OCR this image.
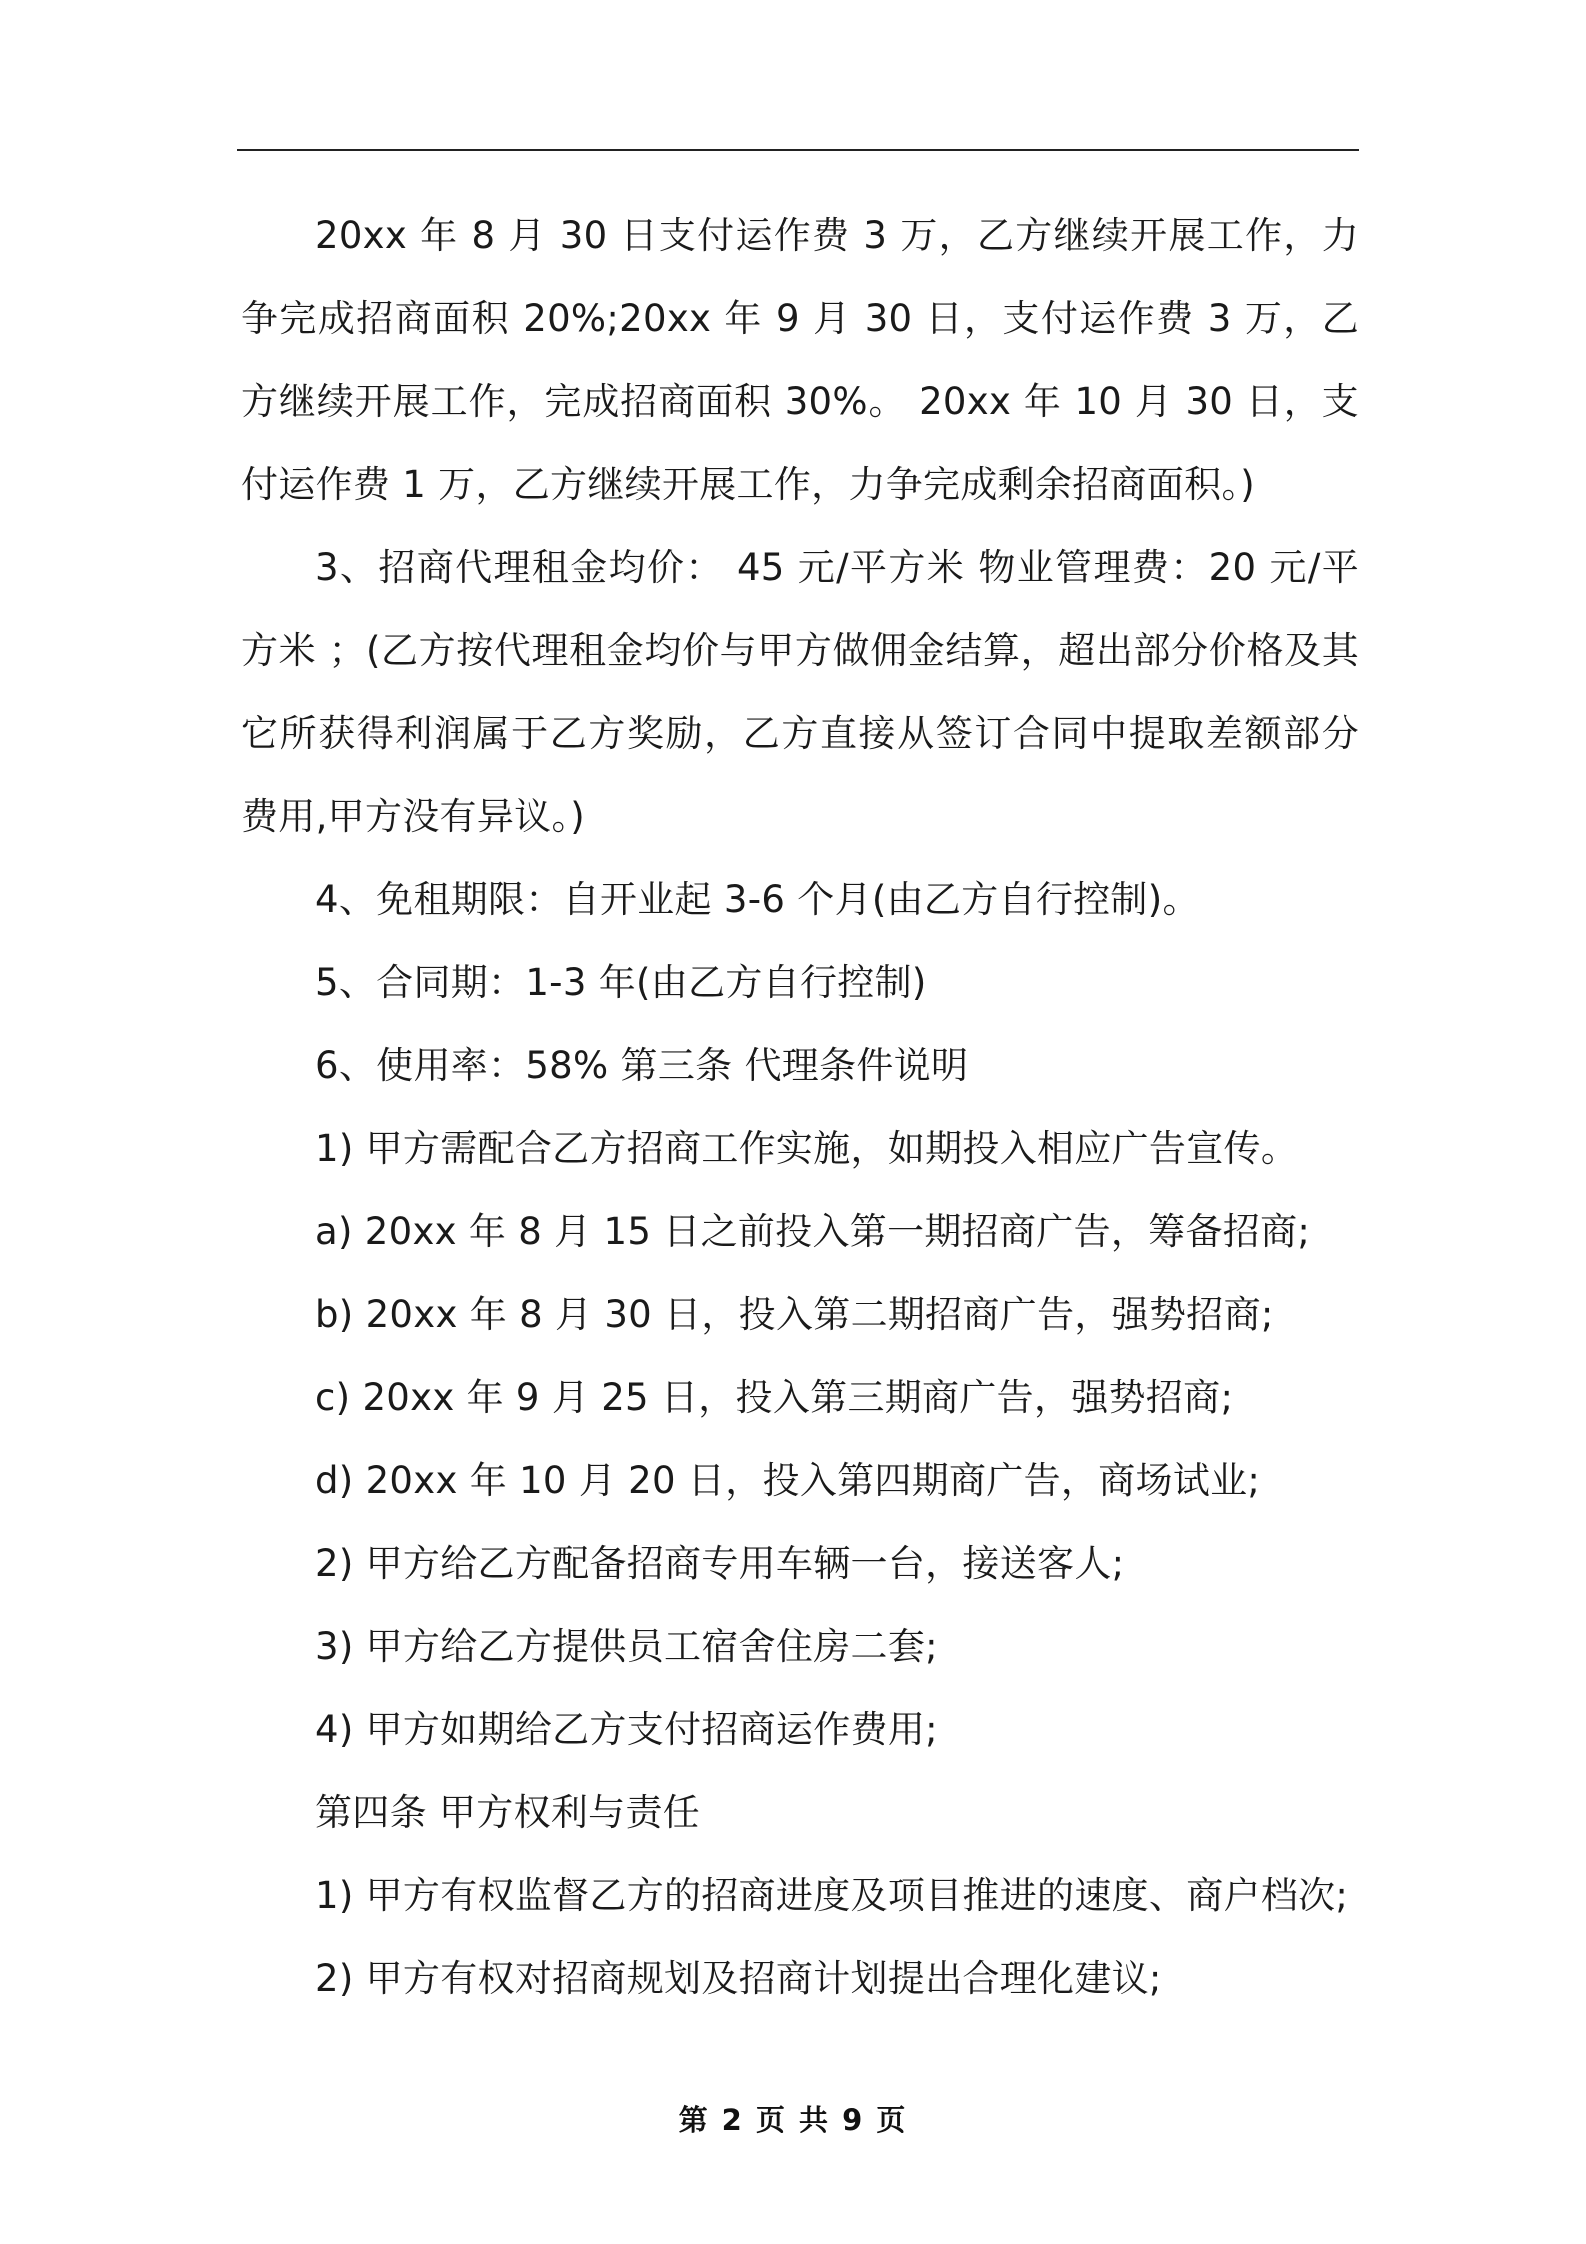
20xx 年 8 月 30 日支付运作费 3 万，乙方继续开展工作，力争完成招商面积 20%;20xx 年 9 月 30 日，支付运作费 3 万，乙方继续开展工作，完成招商面积 30%。 20xx 年 10 月 30 日，支付运作费 1 万，乙方继续开展工作，力争完成剩余招商面积。)

3、招商代理租金均价： 45 元/平方米 物业管理费：20 元/平方米 ；(乙方按代理租金均价与甲方做佣金结算，超出部分价格及其它所获得利润属于乙方奖励，乙方直接从签订合同中提取差额部分费用,甲方没有异议。)

4、免租期限：自开业起 3-6 个月(由乙方自行控制)。

5、合同期：1-3 年(由乙方自行控制)

6、使用率：58% 第三条 代理条件说明

1) 甲方需配合乙方招商工作实施，如期投入相应广告宣传。

a) 20xx 年 8 月 15 日之前投入第一期招商广告，筹备招商;

b) 20xx 年 8 月 30 日，投入第二期招商广告，强势招商;

c) 20xx 年 9 月 25 日，投入第三期商广告，强势招商;

d) 20xx 年 10 月 20 日，投入第四期商广告，商场试业;

2) 甲方给乙方配备招商专用车辆一台，接送客人;

3) 甲方给乙方提供员工宿舍住房二套;

4) 甲方如期给乙方支付招商运作费用;

第四条 甲方权利与责任

1) 甲方有权监督乙方的招商进度及项目推进的速度、商户档次;

2) 甲方有权对招商规划及招商计划提出合理化建议;

第 2 页 共 9 页
